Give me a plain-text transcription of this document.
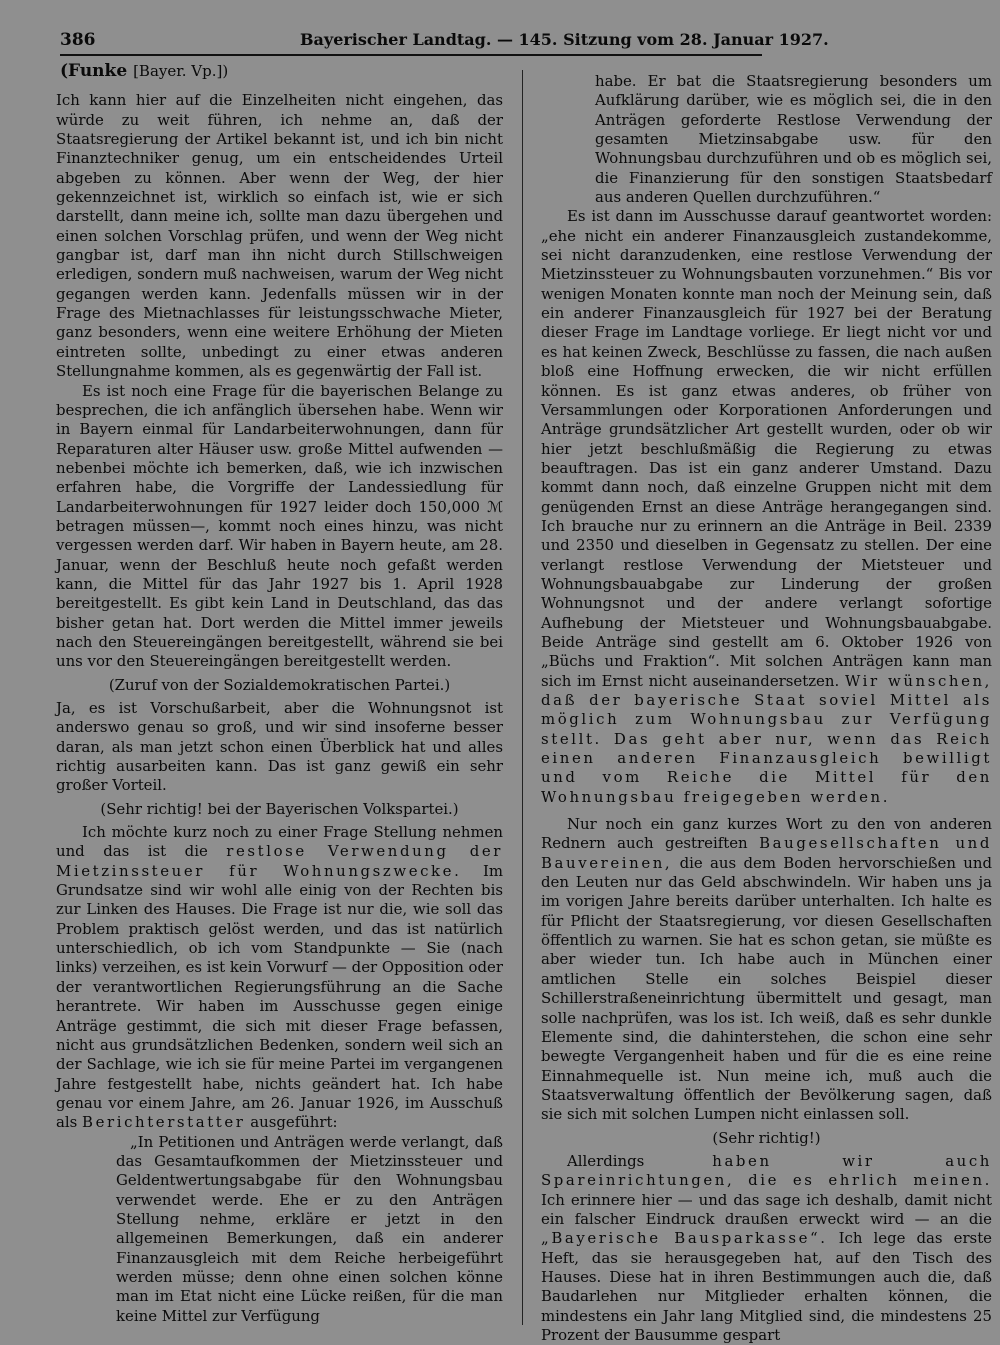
386	Bayerischer Landtag. — 145. Sitzung vom 28. Januar 1927.
(Funke [Bayer. Vp.])

Ich kann hier auf die Einzelheiten nicht eingehen, das würde zu weit führen, ich nehme an, daß der Staatsregierung der Artikel bekannt ist, und ich bin nicht Finanztechniker genug, um ein entscheidendes Urteil abgeben zu können. Aber wenn der Weg, der hier gekennzeichnet ist, wirklich so einfach ist, wie er sich darstellt, dann meine ich, sollte man dazu übergehen und einen solchen Vorschlag prüfen, und wenn der Weg nicht gangbar ist, darf man ihn nicht durch Stillschweigen erledigen, sondern muß nachweisen, warum der Weg nicht gegangen werden kann. Jedenfalls müssen wir in der Frage des Mietnachlasses für leistungsschwache Mieter, ganz besonders, wenn eine weitere Erhöhung der Mieten eintreten sollte, unbedingt zu einer etwas anderen Stellungnahme kommen, als es gegenwärtig der Fall ist.

Es ist noch eine Frage für die bayerischen Belange zu besprechen, die ich anfänglich übersehen habe. Wenn wir in Bayern einmal für Landarbeiterwohnungen, dann für Reparaturen alter Häuser usw. große Mittel aufwenden — nebenbei möchte ich bemerken, daß, wie ich inzwischen erfahren habe, die Vorgriffe der Landessiedlung für Landarbeiterwohnungen für 1927 leider doch 150,000 ℳ betragen müssen—, kommt noch eines hinzu, was nicht vergessen werden darf. Wir haben in Bayern heute, am 28. Januar, wenn der Beschluß heute noch gefaßt werden kann, die Mittel für das Jahr 1927 bis 1. April 1928 bereitgestellt. Es gibt kein Land in Deutschland, das das bisher getan hat. Dort werden die Mittel immer jeweils nach den Steuereingängen bereitgestellt, während sie bei uns vor den Steuereingängen bereitgestellt werden.

(Zuruf von der Sozialdemokratischen Partei.)

Ja, es ist Vorschußarbeit, aber die Wohnungsnot ist anderswo genau so groß, und wir sind insoferne besser daran, als man jetzt schon einen Überblick hat und alles richtig ausarbeiten kann. Das ist ganz gewiß ein sehr großer Vorteil.

(Sehr richtig! bei der Bayerischen Volkspartei.)

Ich möchte kurz noch zu einer Frage Stellung nehmen und das ist die restlose Verwendung der Mietzinssteuer für Wohnungszwecke. Im Grundsatze sind wir wohl alle einig von der Rechten bis zur Linken des Hauses. Die Frage ist nur die, wie soll das Problem praktisch gelöst werden, und das ist natürlich unterschiedlich, ob ich vom Standpunkte — Sie (nach links) verzeihen, es ist kein Vorwurf — der Opposition oder der verantwortlichen Regierungsführung an die Sache herantrete. Wir haben im Ausschusse gegen einige Anträge gestimmt, die sich mit dieser Frage befassen, nicht aus grundsätzlichen Bedenken, sondern weil sich an der Sachlage, wie ich sie für meine Partei im vergangenen Jahre festgestellt habe, nichts geändert hat. Ich habe genau vor einem Jahre, am 26. Januar 1926, im Ausschuß als Berichterstatter ausgeführt:

„In Petitionen und Anträgen werde verlangt, daß das Gesamtaufkommen der Mietzinssteuer und Geldentwertungsabgabe für den Wohnungsbau verwendet werde. Ehe er zu den Anträgen Stellung nehme, erkläre er jetzt in den allgemeinen Bemerkungen, daß ein anderer Finanzausgleich mit dem Reiche herbeigeführt werden müsse; denn ohne einen solchen könne man im Etat nicht eine Lücke reißen, für die man keine Mittel zur Verfügung

habe. Er bat die Staatsregierung besonders um Aufklärung darüber, wie es möglich sei, die in den Anträgen geforderte Restlose Verwendung der gesamten Mietzinsabgabe usw. für den Wohnungsbau durchzuführen und ob es möglich sei, die Finanzierung für den sonstigen Staatsbedarf aus anderen Quellen durchzuführen.“

Es ist dann im Ausschusse darauf geantwortet worden: „ehe nicht ein anderer Finanzausgleich zustandekomme, sei nicht daranzudenken, eine restlose Verwendung der Mietzinssteuer zu Wohnungsbauten vorzunehmen.“ Bis vor wenigen Monaten konnte man noch der Meinung sein, daß ein anderer Finanzausgleich für 1927 bei der Beratung dieser Frage im Landtage vorliege. Er liegt nicht vor und es hat keinen Zweck, Beschlüsse zu fassen, die nach außen bloß eine Hoffnung erwecken, die wir nicht erfüllen können. Es ist ganz etwas anderes, ob früher von Versammlungen oder Korporationen Anforderungen und Anträge grundsätzlicher Art gestellt wurden, oder ob wir hier jetzt beschlußmäßig die Regierung zu etwas beauftragen. Das ist ein ganz anderer Umstand. Dazu kommt dann noch, daß einzelne Gruppen nicht mit dem genügenden Ernst an diese Anträge herangegangen sind. Ich brauche nur zu erinnern an die Anträge in Beil. 2339 und 2350 und dieselben in Gegensatz zu stellen. Der eine verlangt restlose Verwendung der Mietsteuer und Wohnungsbauabgabe zur Linderung der großen Wohnungsnot und der andere verlangt sofortige Aufhebung der Mietsteuer und Wohnungsbauabgabe. Beide Anträge sind gestellt am 6. Oktober 1926 von „Büchs und Fraktion“. Mit solchen Anträgen kann man sich im Ernst nicht auseinandersetzen. Wir wünschen, daß der bayerische Staat soviel Mittel als möglich zum Wohnungsbau zur Verfügung stellt. Das geht aber nur, wenn das Reich einen anderen Finanzausgleich bewilligt und vom Reiche die Mittel für den Wohnungsbau freigegeben werden.

Nur noch ein ganz kurzes Wort zu den von anderen Rednern auch gestreiften Baugesellschaften und Bauvereinen, die aus dem Boden hervorschießen und den Leuten nur das Geld abschwindeln. Wir haben uns ja im vorigen Jahre bereits darüber unterhalten. Ich halte es für Pflicht der Staatsregierung, vor diesen Gesellschaften öffentlich zu warnen. Sie hat es schon getan, sie müßte es aber wieder tun. Ich habe auch in München einer amtlichen Stelle ein solches Beispiel dieser Schillerstraßeneinrichtung übermittelt und gesagt, man solle nachprüfen, was los ist. Ich weiß, daß es sehr dunkle Elemente sind, die dahinterstehen, die schon eine sehr bewegte Vergangenheit haben und für die es eine reine Einnahmequelle ist. Nun meine ich, muß auch die Staatsverwaltung öffentlich der Bevölkerung sagen, daß sie sich mit solchen Lumpen nicht einlassen soll.

(Sehr richtig!)

Allerdings	haben wir auch Spareinrichtungen, die es ehrlich meinen. Ich erinnere hier — und das sage ich deshalb, damit nicht ein falscher Eindruck draußen erweckt wird — an die „Bayerische Bausparkasse“. Ich lege das erste Heft, das sie herausgegeben hat, auf den Tisch des Hauses. Diese hat in ihren Bestimmungen auch die, daß Baudarlehen nur Mitglieder erhalten können, die mindestens ein Jahr lang Mitglied sind, die mindestens 25 Prozent der Bausumme gespart
